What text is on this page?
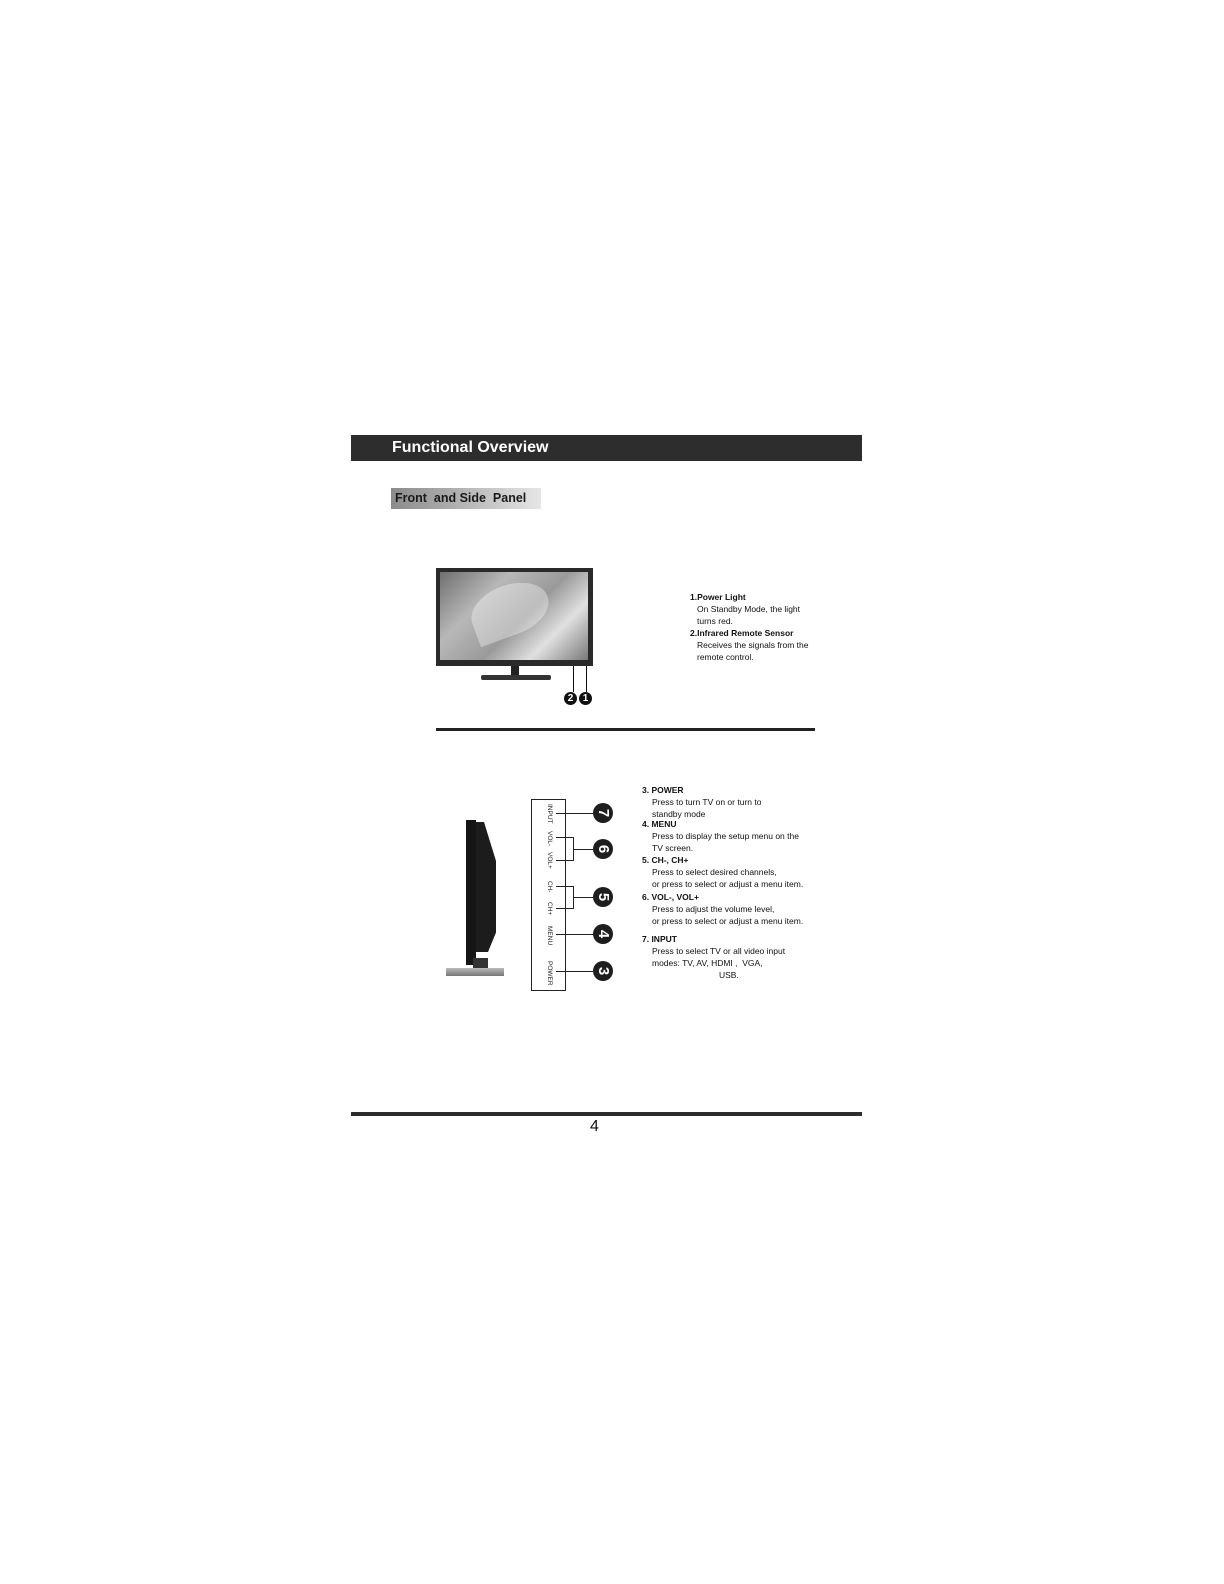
Functional Overview
Front  and Side  Panel
2 1
1.Power Light
On Standby Mode, the light
turns red.
2.Infrared Remote Sensor
Receives the signals from the
remote control.
INPUT
VOL-
VOL+
CH-
CH+
MENU
POWER
7
6
5
4
3
3. POWER
Press to turn TV on or turn to
standby mode
4. MENU
Press to display the setup menu on the
TV screen.
5. CH-, CH+
Press to select desired channels,
or press to select or adjust a menu item.
6. VOL-, VOL+
Press to adjust the volume level,
or press to select or adjust a menu item.
7. INPUT
Press to select TV or all video input
modes: TV, AV, HDMI ,  VGA,
USB.
4
